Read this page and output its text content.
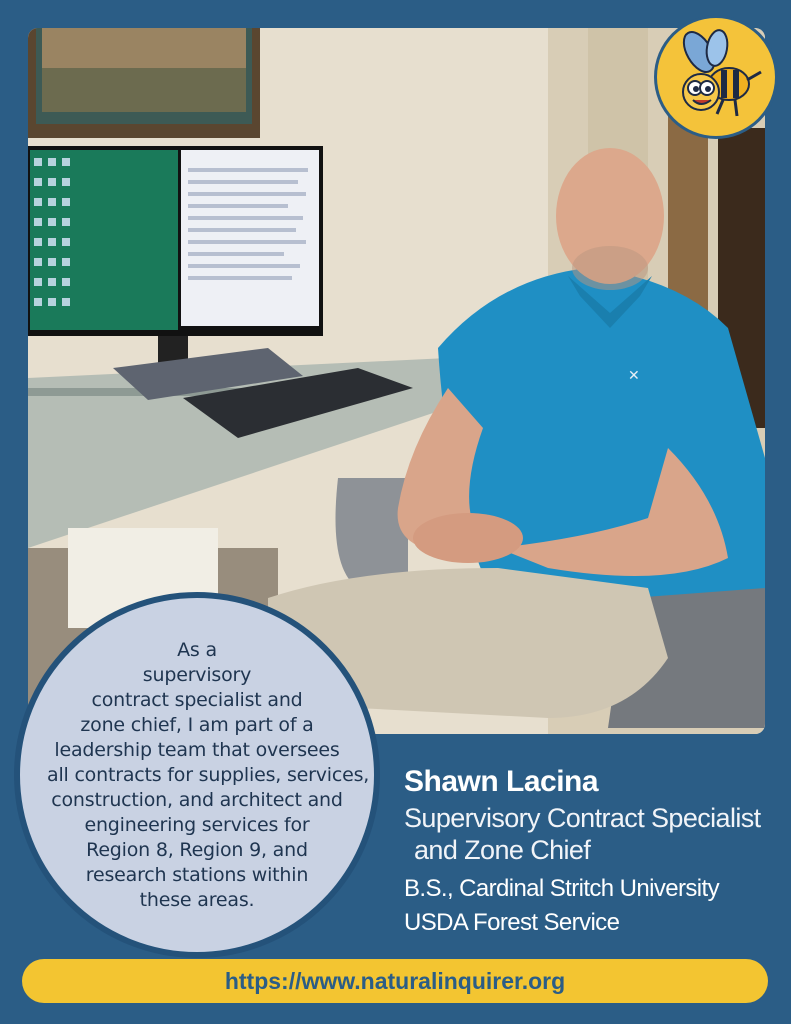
✕
As a
supervisory
contract specialist and
zone chief, I am part of a
leadership team that oversees
all contracts for supplies, services,
construction, and architect and
engineering services for
Region 8, Region 9, and
research stations within
these areas.
Shawn Lacina
Supervisory Contract Specialist
and Zone Chief
B.S., Cardinal Stritch University
USDA Forest Service
https://www.naturalinquirer.org
